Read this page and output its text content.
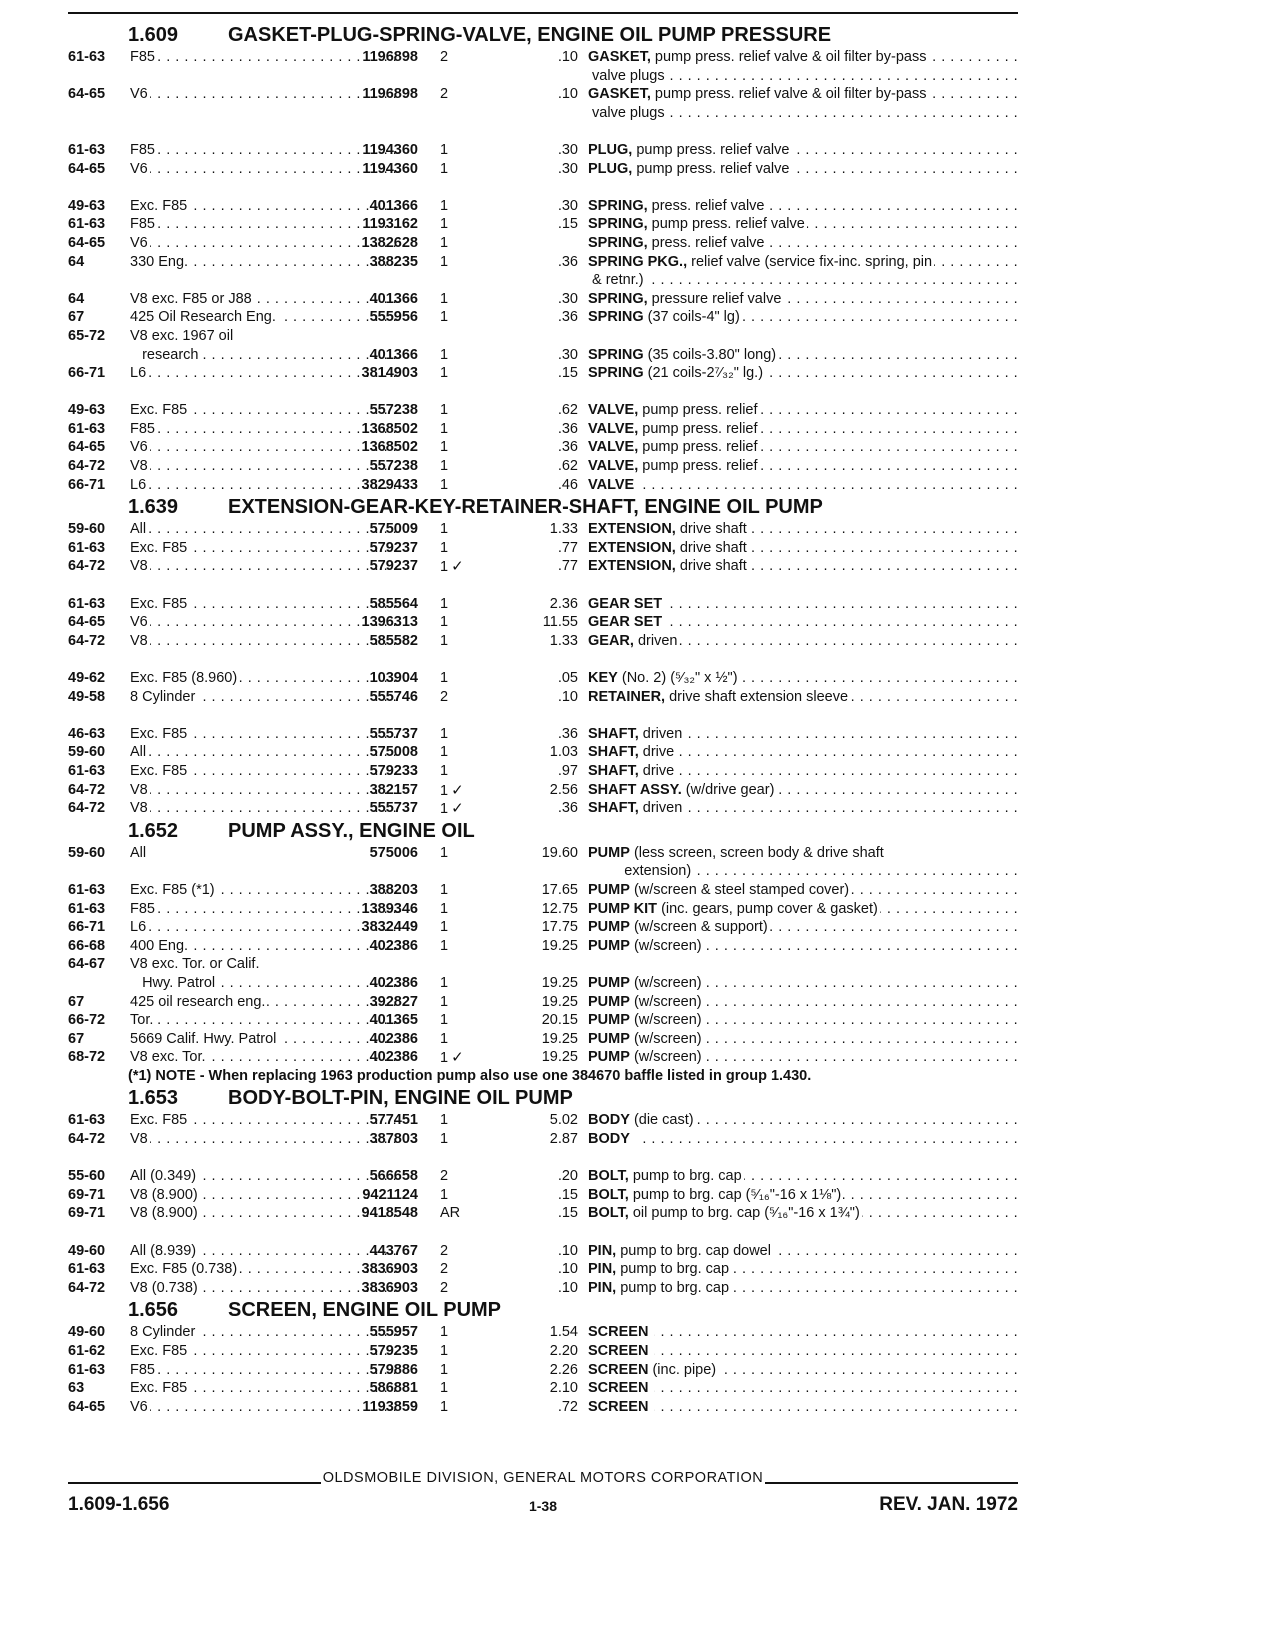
1.609 GASKET-PLUG-SPRING-VALVE, ENGINE OIL PUMP PRESSURE
61-63	F85 . . .	1196898 2	.10 GASKET, pump press. relief valve & oil filter by-pass . . .
valve plugs . . .
64-65	V6 . . .	1196898 2	.10 GASKET, pump press. relief valve & oil filter by-pass . . .
valve plugs . . .
61-63	F85 . . .	1194360 1	.30 PLUG, pump press. relief valve . . .
64-65	V6 . . .	1194360 1	.30 PLUG, pump press. relief valve . . .
49-63	Exc. F85 . . .	401366 1	.30 SPRING, press. relief valve . . .
61-63	F85 . . .	1193162 1	.15 SPRING, pump press. relief valve . . .
64-65	V6 . . .	1382628 1	SPRING, press. relief valve . . .
64	330 Eng. . . .	388235 1	.36 SPRING PKG., relief valve (service fix-inc. spring, pin . . .
& retnr.) . . .
64	V8 exc. F85 or J88 . . .	401366 1	.30 SPRING, pressure relief valve . . .
67	425 Oil Research Eng. . . .	555956 1	.36 SPRING (37 coils-4" lg) . . .
65-72	V8 exc. 1967 oil

research . . .	401366 1	.30 SPRING (35 coils-3.80" long) . . .
66-71	L6 . . .	3814903 1	.15 SPRING (21 coils-2⁷⁄₃₂" lg.) . . .
49-63	Exc. F85 . . .	557238 1	.62 VALVE, pump press. relief . . .
61-63	F85 . . .	1368502 1	.36 VALVE, pump press. relief . . .
64-65	V6 . . .	1368502 1	.36 VALVE, pump press. relief . . .
64-72	V8 . . .	557238 1	.62 VALVE, pump press. relief . . .
66-71	L6 . . .	3829433 1	.46 VALVE  . . .
1.639 EXTENSION-GEAR-KEY-RETAINER-SHAFT, ENGINE OIL PUMP
59-60	All . . .	575009 1	1.33 EXTENSION, drive shaft . . .
61-63	Exc. F85 . . .	579237 1	.77 EXTENSION, drive shaft . . .
64-72	V8 . . .	579237 1 ✓	.77 EXTENSION, drive shaft . . .
61-63	Exc. F85 . . .	585564 1	2.36 GEAR SET  . . .
64-65	V6 . . .	1396313 1	11.55 GEAR SET  . . .
64-72	V8 . . .	585582 1	1.33 GEAR, driven . . .
49-62	Exc. F85 (8.960) . . .	103904 1	.05 KEY (No. 2) (⁵⁄₃₂" x ½") . . .
49-58	8 Cylinder . . .	555746 2	.10 RETAINER, drive shaft extension sleeve . . .
46-63	Exc. F85 . . .	555737 1	.36 SHAFT, driven . . .
59-60	All . . .	575008 1	1.03 SHAFT, drive . . .
61-63	Exc. F85 . . .	579233 1	.97 SHAFT, drive . . .
64-72	V8 . . .	382157 1 ✓	2.56 SHAFT ASSY. (w/drive gear) . . .
64-72	V8 . . .	555737 1 ✓	.36 SHAFT, driven . . .
1.652 PUMP ASSY., ENGINE OIL
59-60	All	575006 1	19.60 PUMP (less screen, screen body & drive shaft
extension) . . .
61-63	Exc. F85 (*1) . . .	388203 1	17.65 PUMP (w/screen & steel stamped cover) . . .
61-63	F85 . . .	1389346 1	12.75 PUMP KIT (inc. gears, pump cover & gasket) . . .
66-71	L6 . . .	3832449 1	17.75 PUMP (w/screen & support) . . .
66-68	400 Eng. . . .	402386 1	19.25 PUMP (w/screen) . . .
64-67	V8 exc. Tor. or Calif.

Hwy. Patrol . . .	402386 1	19.25 PUMP (w/screen) . . .
67	425 oil research eng. . . .	392827 1	19.25 PUMP (w/screen) . . .
66-72	Tor. . . .	401365 1	20.15 PUMP (w/screen) . . .
67	5669 Calif. Hwy. Patrol . . .	402386 1	19.25 PUMP (w/screen) . . .
68-72	V8 exc. Tor. . . .	402386 1 ✓	19.25 PUMP (w/screen) . . .
(*1) NOTE - When replacing 1963 production pump also use one 384670 baffle listed in group 1.430.
1.653 BODY-BOLT-PIN, ENGINE OIL PUMP
61-63	Exc. F85 . . .	577451 1	5.02 BODY (die cast) . . .
64-72	V8 . . .	387803 1	2.87 BODY  . . .
55-60	All (0.349) . . .	566658 2	.20 BOLT, pump to brg. cap . . .
69-71	V8 (8.900) . . .	9421124 1	.15 BOLT, pump to brg. cap (⁵⁄₁₆"-16 x 1⅛") . . .
69-71	V8 (8.900) . . .	9418548 AR	.15 BOLT, oil pump to brg. cap (⁵⁄₁₆"-16 x 1¾") . . .
49-60	All (8.939) . . .	443767 2	.10 PIN, pump to brg. cap dowel . . .
61-63	Exc. F85 (0.738) . . .	3836903 2	.10 PIN, pump to brg. cap . . .
64-72	V8 (0.738) . . .	3836903 2	.10 PIN, pump to brg. cap . . .
1.656 SCREEN, ENGINE OIL PUMP
49-60	8 Cylinder . . .	555957 1	1.54 SCREEN  . . .
61-62	Exc. F85 . . .	579235 1	2.20 SCREEN  . . .
61-63	F85 . . .	579886 1	2.26 SCREEN (inc. pipe) . . .
63	Exc. F85 . . .	586881 1	2.10 SCREEN  . . .
64-65	V6 . . .	1193859 1	.72 SCREEN  . . .
OLDSMOBILE DIVISION, GENERAL MOTORS CORPORATION
1.609-1.656	1-38	REV. JAN. 1972
